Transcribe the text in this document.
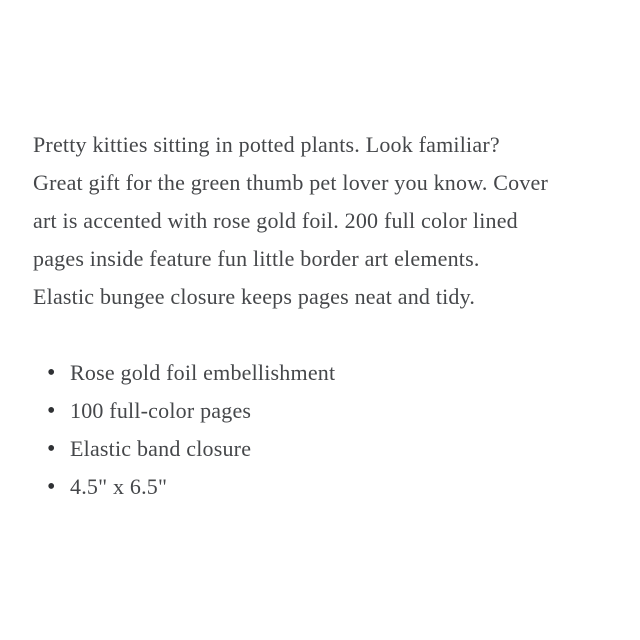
Pretty kitties sitting in potted plants. Look familiar?
Great gift for the green thumb pet lover you know. Cover
art is accented with rose gold foil. 200 full color lined
pages inside feature fun little border art elements.
Elastic bungee closure keeps pages neat and tidy.
• Rose gold foil embellishment
• 100 full-color pages
• Elastic band closure
• 4.5" x 6.5"
